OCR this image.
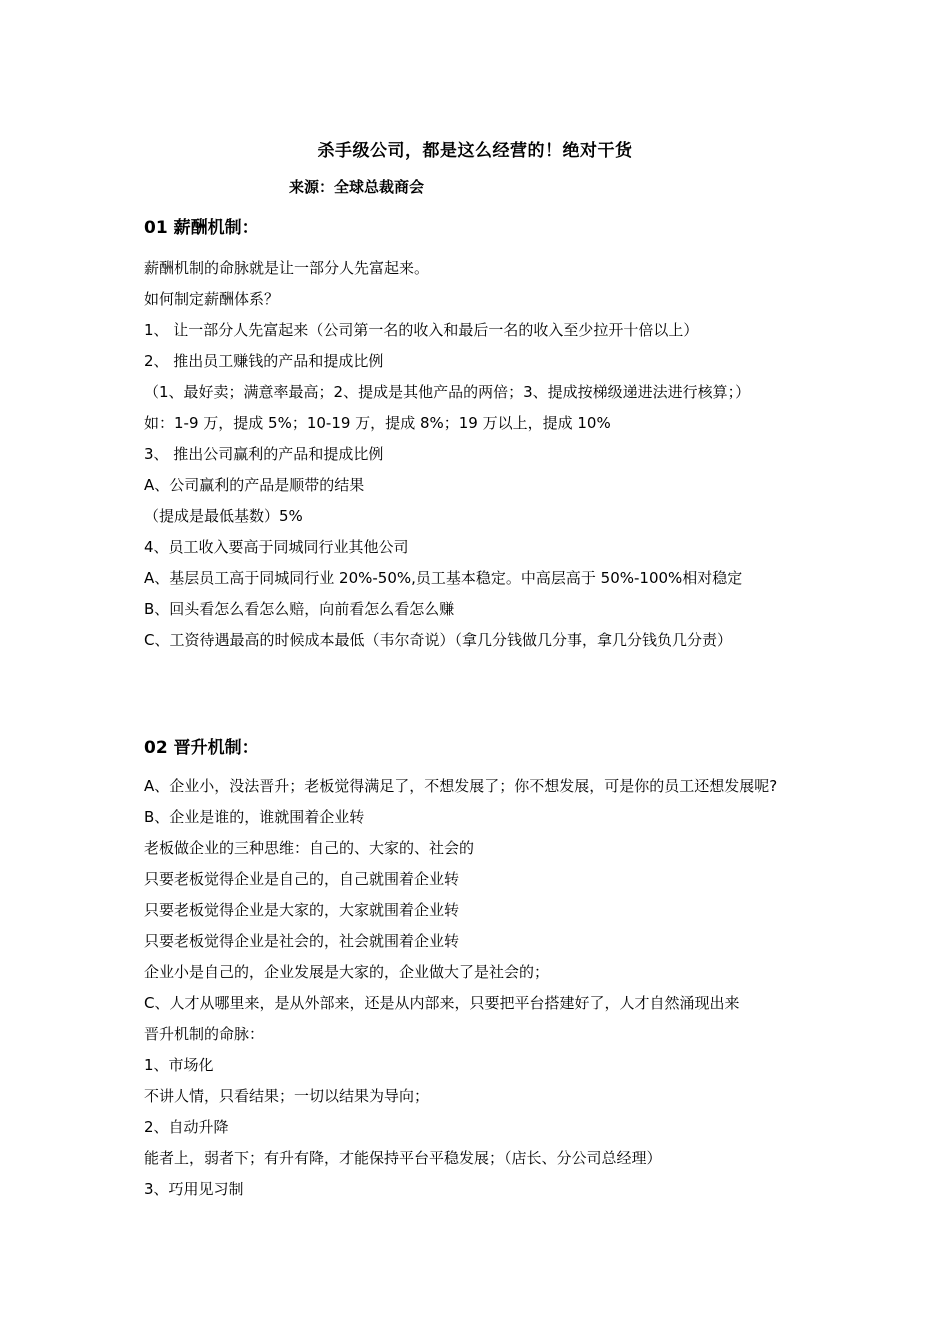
杀手级公司，都是这么经营的！绝对干货
来源：全球总裁商会
01 薪酬机制：
薪酬机制的命脉就是让一部分人先富起来。
如何制定薪酬体系？
1、 让一部分人先富起来（公司第一名的收入和最后一名的收入至少拉开十倍以上）
2、 推出员工赚钱的产品和提成比例
（1、最好卖；满意率最高；2、提成是其他产品的两倍；3、提成按梯级递进法进行核算；）
如：1-9 万，提成 5%；10-19 万，提成 8%；19 万以上，提成 10%
3、 推出公司赢利的产品和提成比例
A、公司赢利的产品是顺带的结果
（提成是最低基数）5%
4、员工收入要高于同城同行业其他公司
A、基层员工高于同城同行业 20%-50%,员工基本稳定。中高层高于 50%-100%相对稳定
B、回头看怎么看怎么赔，向前看怎么看怎么赚
C、工资待遇最高的时候成本最低（韦尔奇说）（拿几分钱做几分事，拿几分钱负几分责）
02 晋升机制：
A、企业小，没法晋升；老板觉得满足了，不想发展了；你不想发展，可是你的员工还想发展呢?
B、企业是谁的，谁就围着企业转
老板做企业的三种思维：自己的、大家的、社会的
只要老板觉得企业是自己的，自己就围着企业转
只要老板觉得企业是大家的，大家就围着企业转
只要老板觉得企业是社会的，社会就围着企业转
企业小是自己的，企业发展是大家的，企业做大了是社会的；
C、人才从哪里来，是从外部来，还是从内部来，只要把平台搭建好了，人才自然涌现出来
晋升机制的命脉：
1、市场化
不讲人情，只看结果；一切以结果为导向；
2、自动升降
能者上，弱者下；有升有降，才能保持平台平稳发展；（店长、分公司总经理）
3、巧用见习制
